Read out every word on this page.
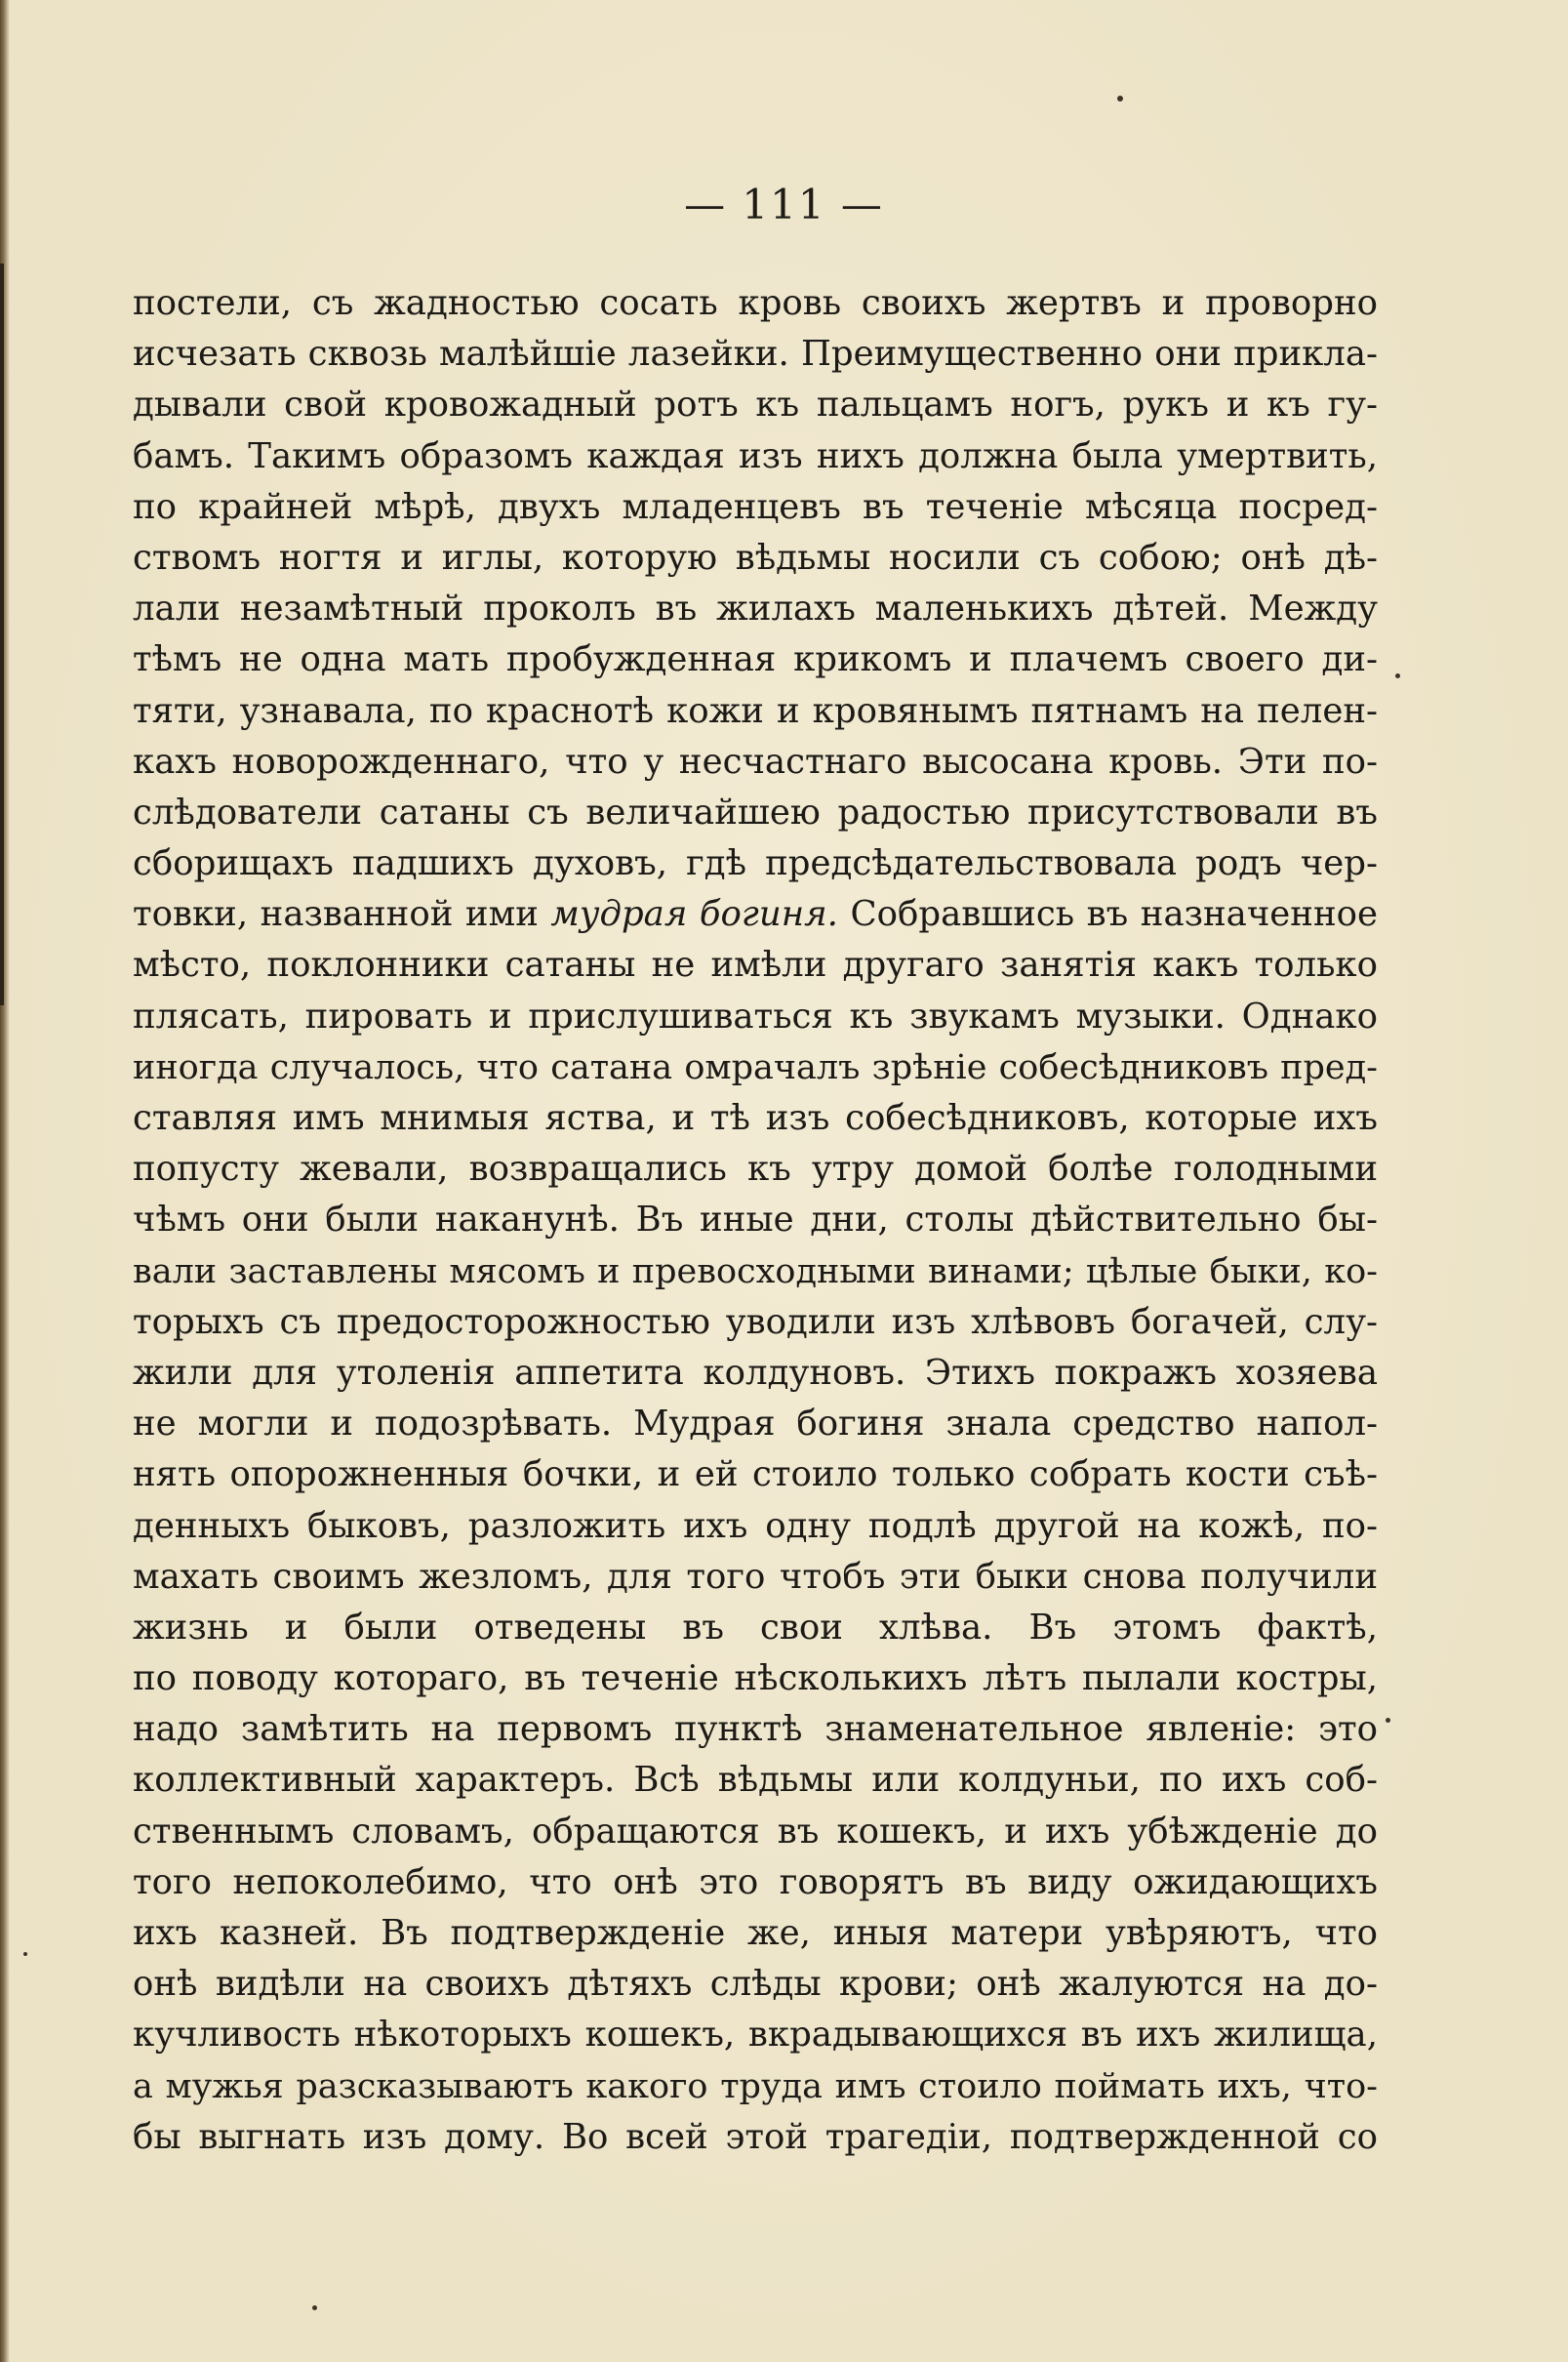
— 111 —
постели, съ жадностью сосать кровь своихъ жертвъ и проворно
исчезать сквозь малѣйшіе лазейки. Преимущественно они прикла-
дывали свой кровожадный ротъ къ пальцамъ ногъ, рукъ и къ гу-
бамъ. Такимъ образомъ каждая изъ нихъ должна была умертвить,
по крайней мѣрѣ, двухъ младенцевъ въ теченіе мѣсяца посред-
ствомъ ногтя и иглы, которую вѣдьмы носили съ собою; онѣ дѣ-
лали незамѣтный проколъ въ жилахъ маленькихъ дѣтей. Между
тѣмъ не одна мать пробужденная крикомъ и плачемъ своего ди-
тяти, узнавала, по краснотѣ кожи и кровянымъ пятнамъ на пелен-
кахъ новорожденнаго, что у несчастнаго высосана кровь. Эти по-
слѣдователи сатаны съ величайшею радостью присутствовали въ
сборищахъ падшихъ духовъ, гдѣ предсѣдательствовала родъ чер-
товки, названной ими мудрая богиня. Собравшись въ назначенное
мѣсто, поклонники сатаны не имѣли другаго занятія какъ только
плясать, пировать и прислушиваться къ звукамъ музыки. Однако
иногда случалось, что сатана омрачалъ зрѣніе собесѣдниковъ пред-
ставляя имъ мнимыя яства, и тѣ изъ собесѣдниковъ, которые ихъ
попусту жевали, возвращались къ утру домой болѣе голодными
чѣмъ они были наканунѣ. Въ иные дни, столы дѣйствительно бы-
вали заставлены мясомъ и превосходными винами; цѣлые быки, ко-
торыхъ съ предосторожностью уводили изъ хлѣвовъ богачей, слу-
жили для утоленія аппетита колдуновъ. Этихъ покражъ хозяева
не могли и подозрѣвать. Мудрая богиня знала средство напол-
нять опорожненныя бочки, и ей стоило только собрать кости съѣ-
денныхъ быковъ, разложить ихъ одну подлѣ другой на кожѣ, по-
махать своимъ жезломъ, для того чтобъ эти быки снова получили
жизнь и были отведены въ свои хлѣва. Въ этомъ фактѣ,
по поводу котораго, въ теченіе нѣсколькихъ лѣтъ пылали костры,
надо замѣтить на первомъ пунктѣ знаменательное явленіе: это
коллективный характеръ. Всѣ вѣдьмы или колдуньи, по ихъ соб-
ственнымъ словамъ, обращаются въ кошекъ, и ихъ убѣжденіе до
того непоколебимо, что онѣ это говорятъ въ виду ожидающихъ
ихъ казней. Въ подтвержденіе же, иныя матери увѣряютъ, что
онѣ видѣли на своихъ дѣтяхъ слѣды крови; онѣ жалуются на до-
кучливость нѣкоторыхъ кошекъ, вкрадывающихся въ ихъ жилища,
а мужья разсказываютъ какого труда имъ стоило поймать ихъ, что-
бы выгнать изъ дому. Во всей этой трагедіи, подтвержденной со
